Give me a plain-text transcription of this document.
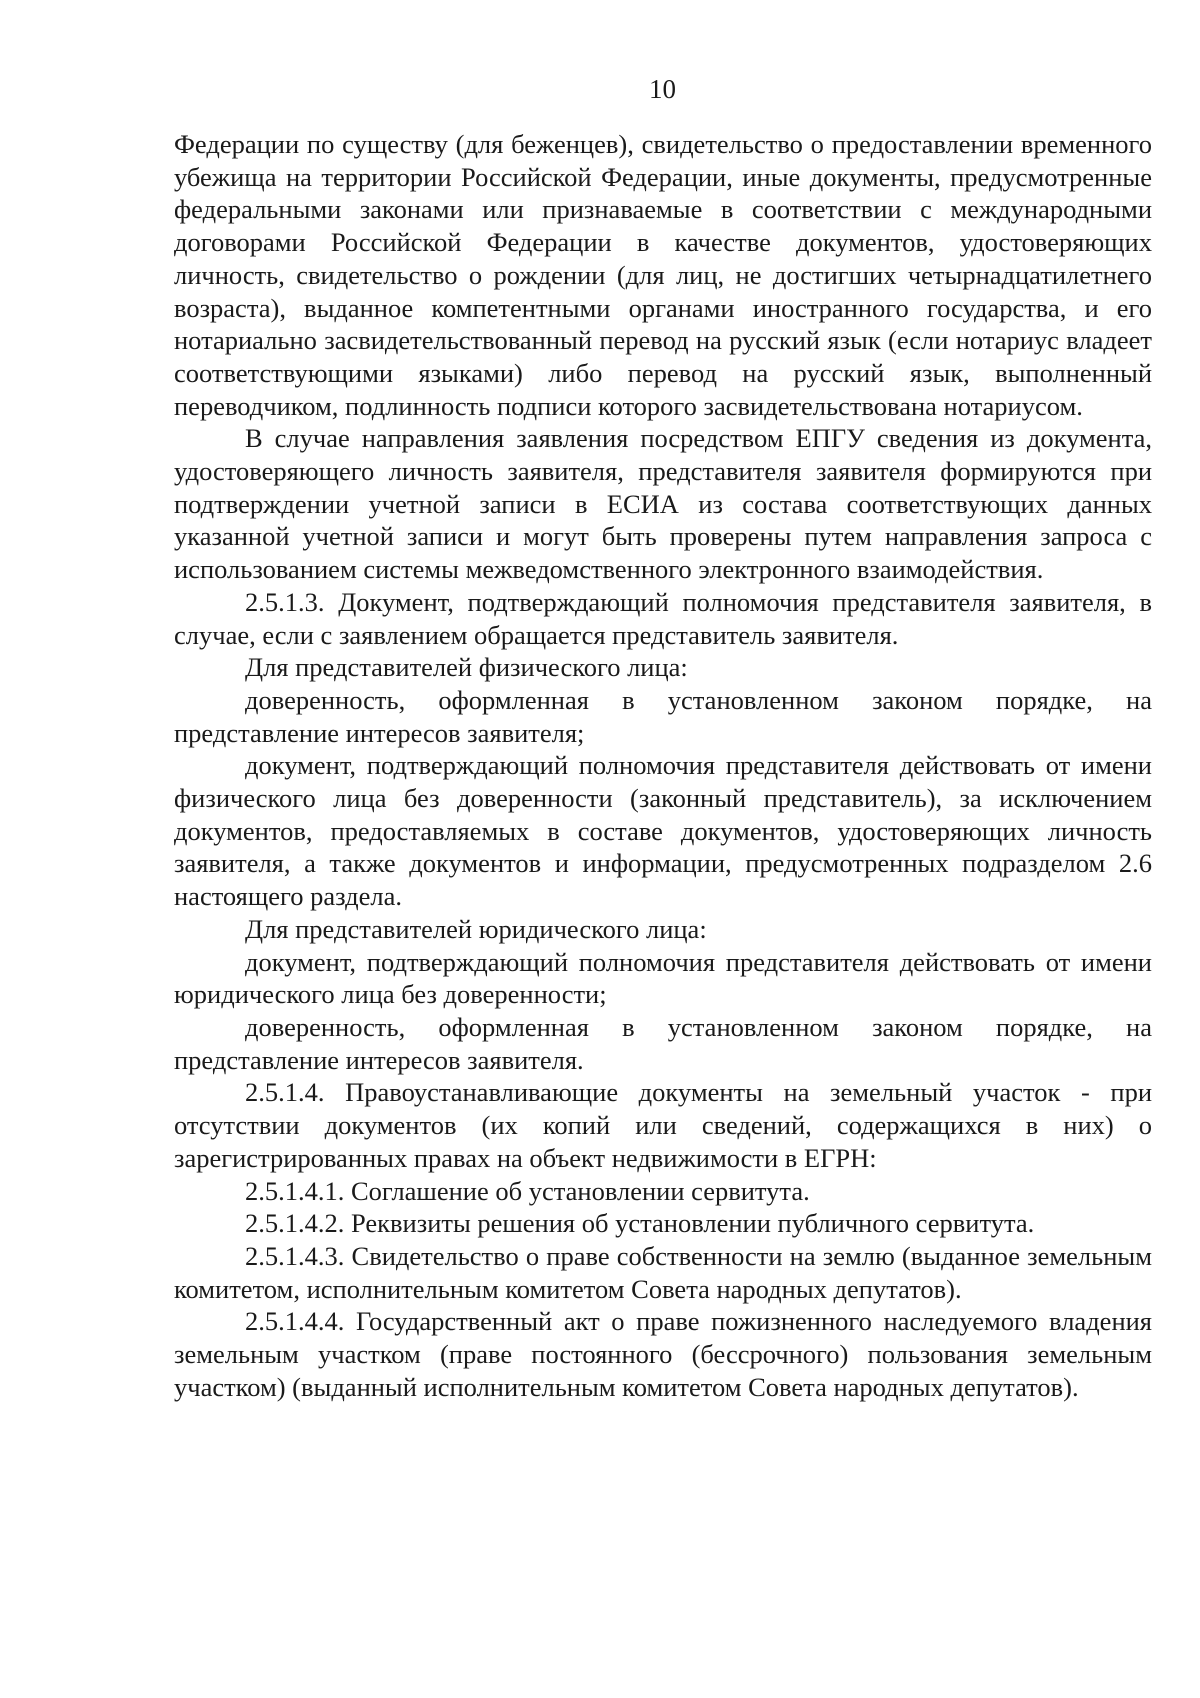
10

Федерации по существу (для беженцев), свидетельство о предоставлении временного убежища на территории Российской Федерации, иные документы, предусмотренные федеральными законами или признаваемые в соответствии с международными договорами Российской Федерации в качестве документов, удостоверяющих личность, свидетельство о рождении (для лиц, не достигших четырнадцатилетнего возраста), выданное компетентными органами иностранного государства, и его нотариально засвидетельствованный перевод на русский язык (если нотариус владеет соответствующими языками) либо перевод на русский язык, выполненный переводчиком, подлинность подписи которого засвидетельствована нотариусом.

В случае направления заявления посредством ЕПГУ сведения из документа, удостоверяющего личность заявителя, представителя заявителя формируются при подтверждении учетной записи в ЕСИА из состава соответствующих данных указанной учетной записи и могут быть проверены путем направления запроса с использованием системы межведомственного электронного взаимодействия.

2.5.1.3. Документ, подтверждающий полномочия представителя заявителя, в случае, если с заявлением обращается представитель заявителя.

Для представителей физического лица:

доверенность, оформленная в установленном законом порядке, на представление интересов заявителя;

документ, подтверждающий полномочия представителя действовать от имени физического лица без доверенности (законный представитель), за исключением документов, предоставляемых в составе документов, удостоверяющих личность заявителя, а также документов и информации, предусмотренных подразделом 2.6 настоящего раздела.

Для представителей юридического лица:

документ, подтверждающий полномочия представителя действовать от имени юридического лица без доверенности;

доверенность, оформленная в установленном законом порядке, на представление интересов заявителя.

2.5.1.4. Правоустанавливающие документы на земельный участок - при отсутствии документов (их копий или сведений, содержащихся в них) о зарегистрированных правах на объект недвижимости в ЕГРН:

2.5.1.4.1. Соглашение об установлении сервитута.

2.5.1.4.2. Реквизиты решения об установлении публичного сервитута.

2.5.1.4.3. Свидетельство о праве собственности на землю (выданное земельным комитетом, исполнительным комитетом Совета народных депутатов).

2.5.1.4.4. Государственный акт о праве пожизненного наследуемого владения земельным участком (праве постоянного (бессрочного) пользования земельным участком) (выданный исполнительным комитетом Совета народных депутатов).
